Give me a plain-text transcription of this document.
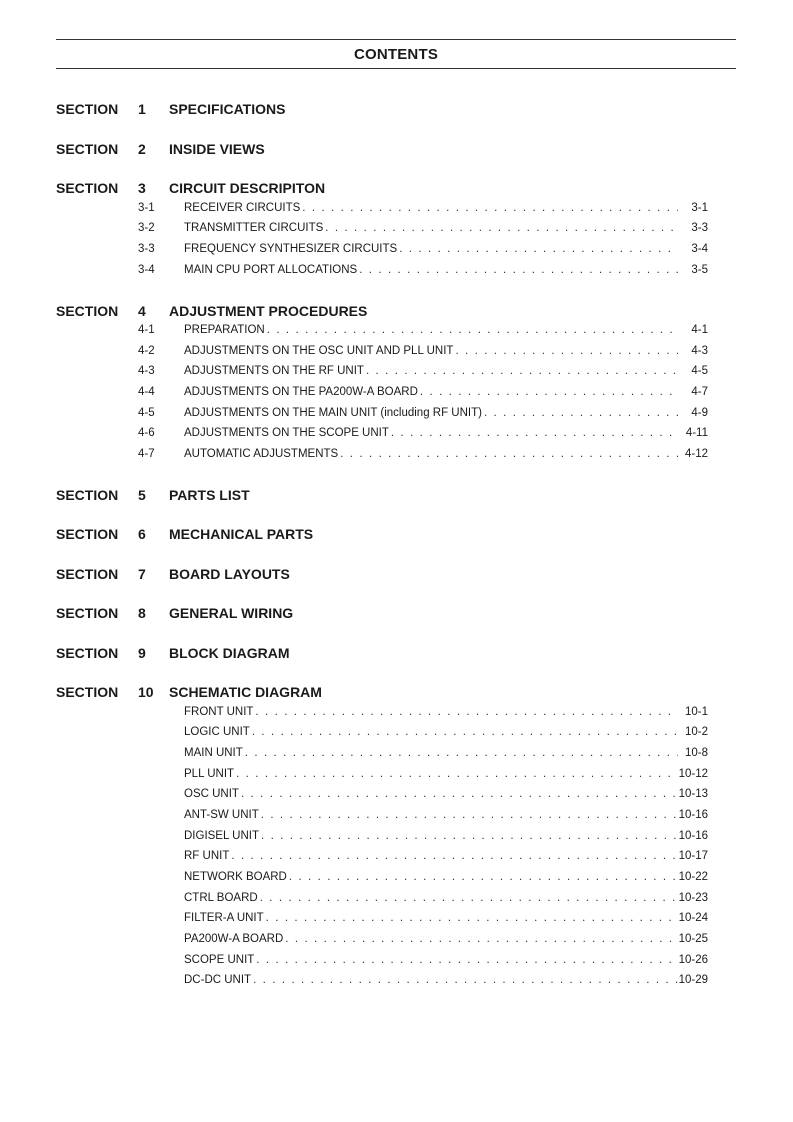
CONTENTS
SECTION 1 SPECIFICATIONS
SECTION 2 INSIDE VIEWS
SECTION 3 CIRCUIT DESCRIPITON
3-1	RECEIVER CIRCUITS . . .	3-1
3-2	TRANSMITTER CIRCUITS . . .	3-3
3-3	FREQUENCY SYNTHESIZER CIRCUITS . . .	3-4
3-4	MAIN CPU PORT ALLOCATIONS . . .	3-5
SECTION 4 ADJUSTMENT PROCEDURES
4-1	PREPARATION . . .	4-1
4-2	ADJUSTMENTS ON THE OSC UNIT AND PLL UNIT . . .	4-3
4-3	ADJUSTMENTS ON THE RF UNIT . . .	4-5
4-4	ADJUSTMENTS ON THE PA200W-A BOARD . . .	4-7
4-5	ADJUSTMENTS ON THE MAIN UNIT (including RF UNIT) . . .	4-9
4-6	ADJUSTMENTS ON THE SCOPE UNIT . . .	4-11
4-7	AUTOMATIC ADJUSTMENTS . . .	4-12
SECTION 5 PARTS LIST
SECTION 6 MECHANICAL PARTS
SECTION 7 BOARD LAYOUTS
SECTION 8 GENERAL WIRING
SECTION 9 BLOCK DIAGRAM
SECTION 10 SCHEMATIC DIAGRAM
FRONT UNIT . . .	10-1
LOGIC UNIT . . .	10-2
MAIN UNIT . . .	10-8
PLL UNIT . . .	10-12
OSC UNIT . . .	10-13
ANT-SW UNIT . . .	10-16
DIGISEL UNIT . . .	10-16
RF UNIT . . .	10-17
NETWORK BOARD . . .	10-22
CTRL BOARD . . .	10-23
FILTER-A UNIT . . .	10-24
PA200W-A BOARD . . .	10-25
SCOPE UNIT . . .	10-26
DC-DC UNIT . . .	10-29
